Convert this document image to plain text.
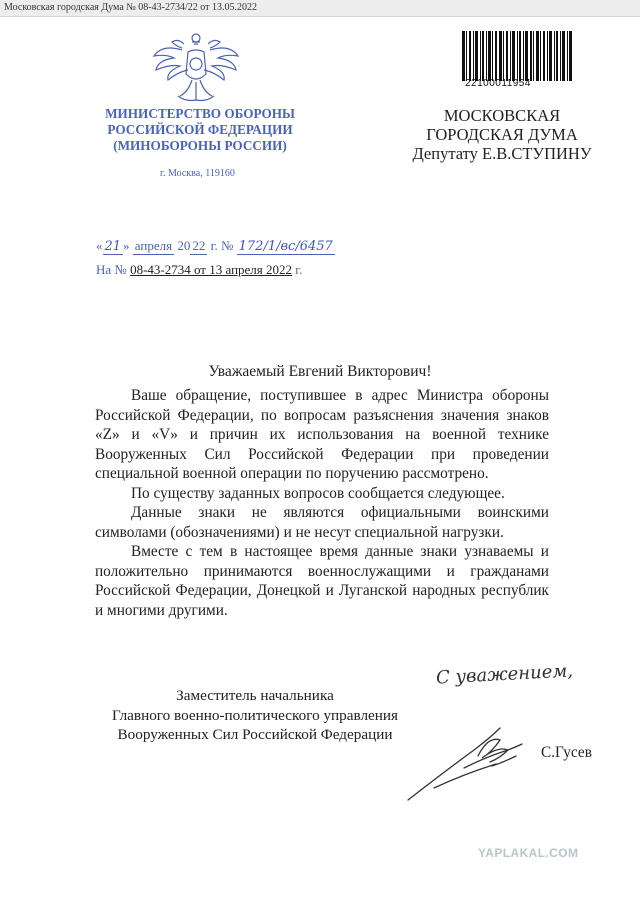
Московская городская Дума № 08-43-2734/22 от 13.05.2022
22100011954
МИНИСТЕРСТВО ОБОРОНЫ
РОССИЙСКОЙ ФЕДЕРАЦИИ
(МИНОБОРОНЫ РОССИИ)
г. Москва, 119160
МОСКОВСКАЯ
ГОРОДСКАЯ ДУМА
Депутату Е.В.СТУПИНУ
« 21 » апреля 20 22 г. № 172/1/вс/6457
На № 08-43-2734 от 13 апреля 2022 г.
Уважаемый Евгений Викторович!

Ваше обращение, поступившее в адрес Министра обороны Российской Федерации, по вопросам разъяснения значения знаков «Z» и «V» и причин их использования на военной технике Вооруженных Сил Российской Федерации при проведении специальной военной операции по поручению рассмотрено.

По существу заданных вопросов сообщается следующее.

Данные знаки не являются официальными воинскими символами (обозначениями) и не несут специальной нагрузки.

Вместе с тем в настоящее время данные знаки узнаваемы и положительно принимаются военнослужащими и гражданами Российской Федерации, Донецкой и Луганской народных республик и многими другими.

С уважением,
Заместитель начальника
Главного военно-политического управления
Вооруженных Сил Российской Федерации
С.Гусев
YAPLAKAL.COM
